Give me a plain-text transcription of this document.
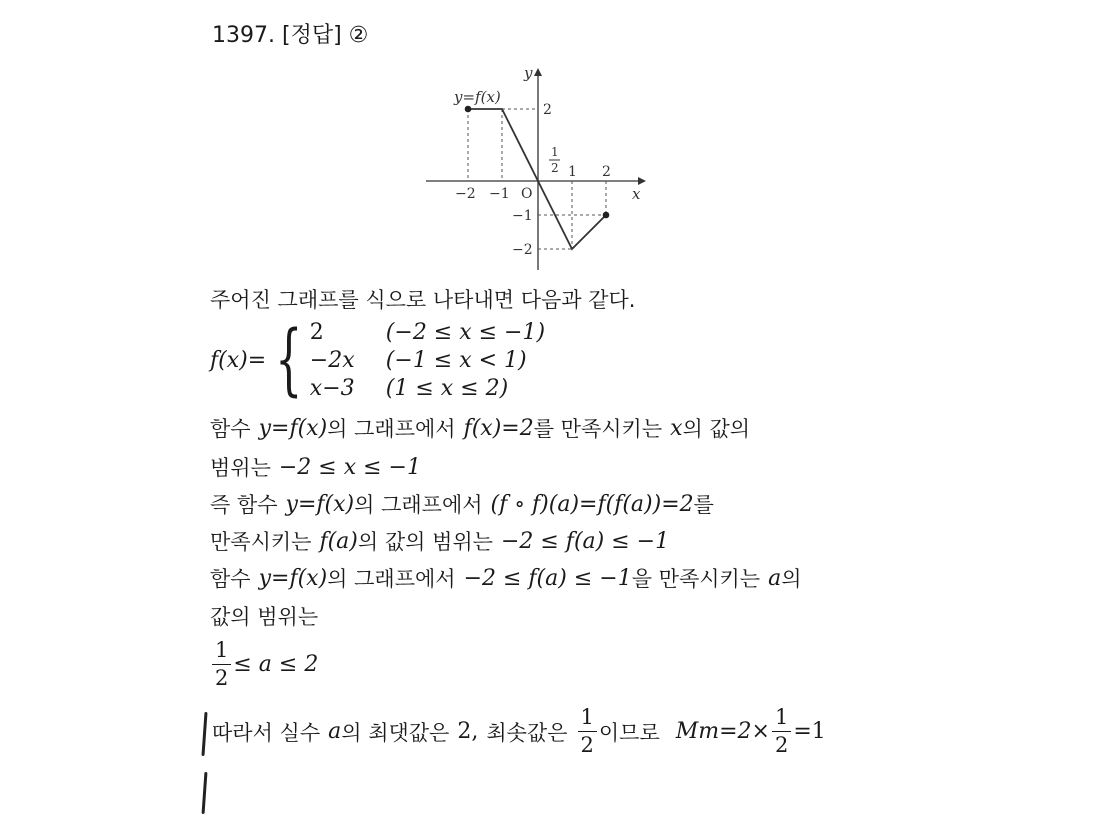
1397. [정답] ②
y=f(x)
y
x
O
−2 −1
1 2
1
2
2
−1
−2
주어진 그래프를 식으로 나타내면 다음과 같다.
f(x)= { 2	(−2 ≤ x ≤ −1)
−2x	(−1 ≤ x < 1)
x−3	(1 ≤ x ≤ 2)
함수 y=f(x) 의 그래프에서 f(x)=2 를 만족시키는 x 의 값의
범위는 −2 ≤ x ≤ −1
즉 함수 y=f(x) 의 그래프에서 (f ∘ f)(a)=f(f(a))=2 를
만족시키는 f(a) 의 값의 범위는 −2 ≤ f(a) ≤ −1
함수 y=f(x) 의 그래프에서 −2 ≤ f(a) ≤ −1 을 만족시키는 a 의
값의 범위는
$\frac{1}{2} \le a \le 2$
따라서 실수 a 의 최댓값은 2, 최솟값은 $\frac{1}{2}$ 이므로 $Mm=2\times \frac{1}{2} =1$
